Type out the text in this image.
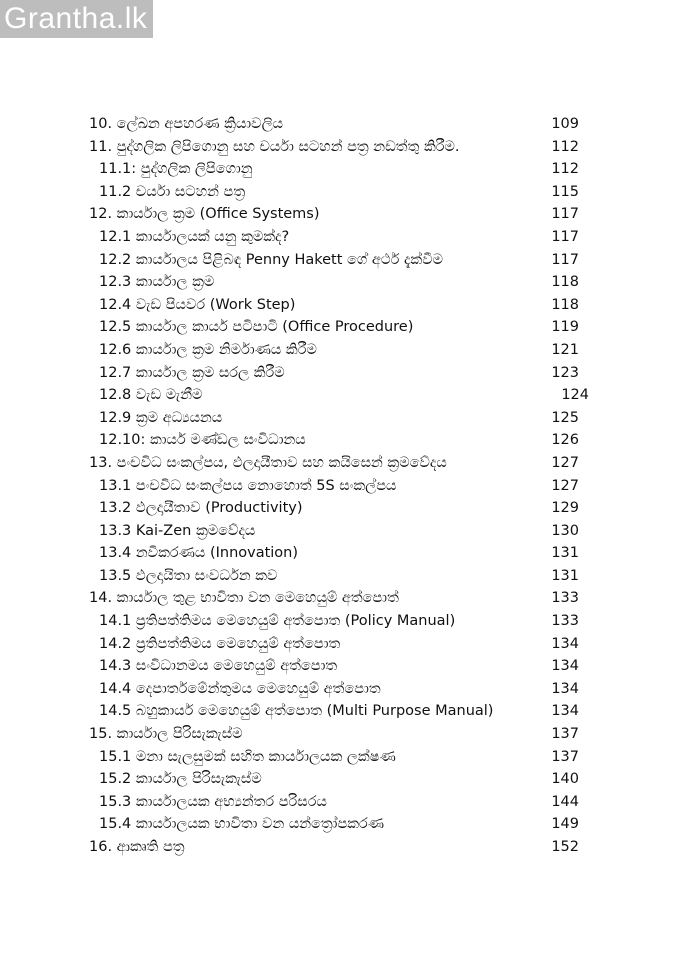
Grantha.lk
10. ලේඛන අපහරණ ක්‍රියාවලිය	109
11. පුද්ගලික ලිපිගොනු සහ චර්යා සටහන් පත්‍ර නඩත්තු කිරීම.	112
11.1: පුද්ගලික ලිපිගොනු	112
11.2 චර්යා සටහන් පත්‍ර	115
12. කාර්යාල ක්‍රම (Office Systems)	117
12.1 කාර්යාලයක් යනු කුමක්ද?	117
12.2 කාර්යාලය පිළිබඳ Penny Hakett ගේ අර්ථ දැක්වීම	117
12.3 කාර්යාල ක්‍රම	118
12.4 වැඩ පියවර (Work Step)	118
12.5 කාර්යාල කාර්ය පටිපාටි (Office Procedure)	119
12.6 කාර්යාල ක්‍රම නිර්මාණය කිරීම	121
12.7 කාර්යාල ක්‍රම සරල කිරීම	123
12.8 වැඩ මැනීම	124
12.9 ක්‍රම අධ්‍යයනය	125
12.10: කාර්ය මණ්ඩල සංවිධානය	126
13. පංචවිධ සංකල්පය, ඵලදායීතාව සහ කයිසෙන් ක්‍රමවේදය	127
13.1 පංචවිධ සංකල්පය නොහොත් 5S සංකල්පය	127
13.2 ඵලදායීතාව (Productivity)	129
13.3 Kai-Zen ක්‍රමවේදය	130
13.4 නවීකරණය (Innovation)	131
13.5 ඵලදායිතා සංවර්ධන කව	131
14. කාර්යාල තුළ භාවිතා වන මෙහෙයුම් අත්පොත්	133
14.1 ප්‍රතිපත්තිමය මෙහෙයුම් අත්පොත (Policy Manual)	133
14.2 ප්‍රතිපත්තිමය මෙහෙයුම් අත්පොත	134
14.3 සංවිධානමය මෙහෙයුම් අත්පොත	134
14.4 දෙපාර්තමේන්තුමය මෙහෙයුම් අත්පොත	134
14.5 බහුකාර්ය මෙහෙයුම් අත්පොත (Multi Purpose Manual)	134
15. කාර්යාල පිරිසැකැස්ම	137
15.1 මනා සැලසුමක් සහිත කාර්යාලයක ලක්ෂණ	137
15.2 කාර්යාල පිරිසැකැස්ම	140
15.3 කාර්යාලයක අභ්‍යන්තර පරිසරය	144
15.4 කාර්යාලයක භාවිතා වන යන්ත්‍රෝපකරණ	149
16. ආකෘති පත්‍ර	152
